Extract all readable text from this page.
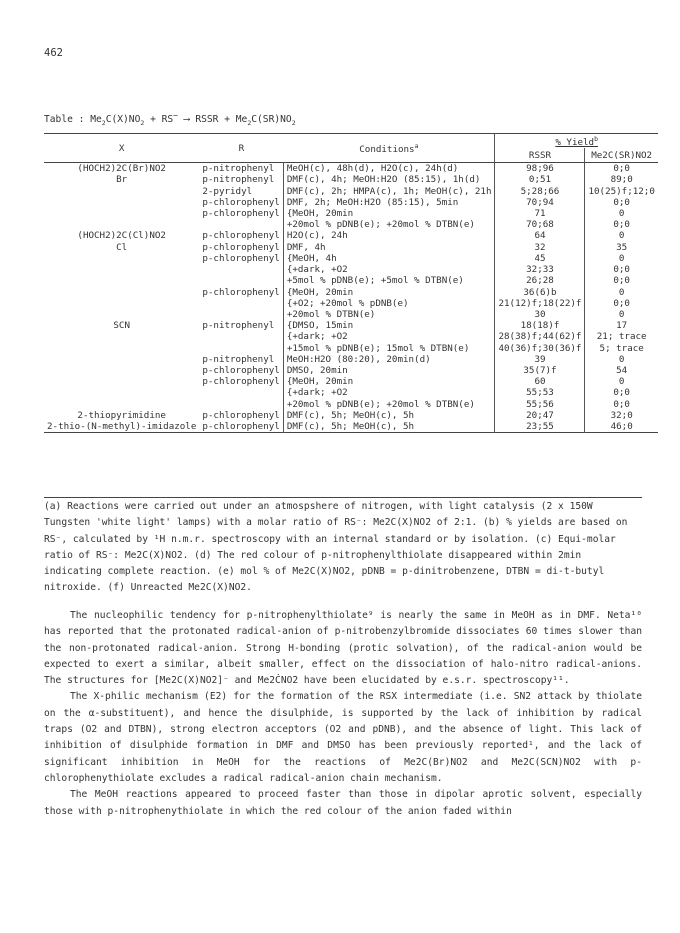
462
Table : $Me_2C(X)NO_2 + RS^-$ ⟶ RSSR + $Me_2C(SR)NO_2$
X	R	Conditions$^a$	% Yield$^b$
			RSSR	Me2C(SR)NO2
(HOCH2)2C(Br)NO2	p-nitrophenyl	MeOH(c), 48h(d), H2O(c), 24h(d)	98;96	0;0
Br	p-nitrophenyl	DMF(c), 4h; MeOH:H2O (85:15), 1h(d)	0;51	89;0
	2-pyridyl	DMF(c), 2h; HMPA(c), 1h; MeOH(c), 21h	5;28;66	10(25)f;12;0
	p-chlorophenyl	DMF, 2h; MeOH:H2O (85:15), 5min	70;94	0;0
	p-chlorophenyl	{MeOH, 20min	71	0
		+20mol % pDNB(e); +20mol % DTBN(e)	70;68	0;0
(HOCH2)2C(Cl)NO2	p-chlorophenyl	H2O(c), 24h	64	0
Cl	p-chlorophenyl	DMF, 4h	32	35
	p-chlorophenyl	{MeOH, 4h	45	0
		{+dark, +O2	32;33	0;0
		+5mol % pDNB(e); +5mol % DTBN(e)	26;28	0;0
	p-chlorophenyl	{MeOH, 20min	36(6)b	0
		{+O2; +20mol % pDNB(e)	21(12)f;18(22)f	0;0
		+20mol % DTBN(e)	30	0
SCN	p-nitrophenyl	{DMSO, 15min	18(18)f	17
		{+dark; +O2	28(38)f;44(62)f	21; trace
		+15mol % pDNB(e); 15mol % DTBN(e)	40(36)f;30(36)f	5; trace
	p-nitrophenyl	MeOH:H2O (80:20), 20min(d)	39	0
	p-chlorophenyl	DMSO, 20min	35(7)f	54
	p-chlorophenyl	{MeOH, 20min	60	0
		{+dark; +O2	55;53	0;0
		+20mol % pDNB(e); +20mol % DTBN(e)	55;56	0;0
2-thiopyrimidine	p-chlorophenyl	DMF(c), 5h; MeOH(c), 5h	20;47	32;0
2-thio-(N-methyl)-imidazole	p-chlorophenyl	DMF(c), 5h; MeOH(c), 5h	23;55	46;0

(a) Reactions were carried out under an atmospshere of nitrogen, with light catalysis (2 x 150W Tungsten 'white light' lamps) with a molar ratio of RS⁻: Me2C(X)NO2 of 2:1. (b) % yields are based on RS⁻, calculated by ¹H n.m.r. spectroscopy with an internal standard or by isolation. (c) Equi-molar ratio of RS⁻: Me2C(X)NO2. (d) The red colour of p-nitrophenylthiolate disappeared within 2min indicating complete reaction. (e) mol % of Me2C(X)NO2, pDNB = p-dinitrobenzene, DTBN = di-t-butyl nitroxide. (f) Unreacted Me2C(X)NO2.

The nucleophilic tendency for p-nitrophenylthiolate⁹ is nearly the same in MeOH as in DMF. Neta¹⁰ has reported that the protonated radical-anion of p-nitrobenzylbromide dissociates 60 times slower than the non-protonated radical-anion. Strong H-bonding (protic solvation), of the radical-anion would be expected to exert a similar, albeit smaller, effect on the dissociation of halo-nitro radical-anions. The structures for [Me2C(X)NO2]⁻ and Me2ĊNO2 have been elucidated by e.s.r. spectroscopy¹¹.

The X-philic mechanism (E2) for the formation of the RSX intermediate (i.e. SN2 attack by thiolate on the α-substituent), and hence the disulphide, is supported by the lack of inhibition by radical traps (O2 and DTBN), strong electron acceptors (O2 and pDNB), and the absence of light. This lack of inhibition of disulphide formation in DMF and DMSO has been previously reported¹, and the lack of significant inhibition in MeOH for the reactions of Me2C(Br)NO2 and Me2C(SCN)NO2 with p-chlorophenythiolate excludes a radical radical-anion chain mechanism.

The MeOH reactions appeared to proceed faster than those in dipolar aprotic solvent, especially those with p-nitrophenythiolate in which the red colour of the anion faded within
